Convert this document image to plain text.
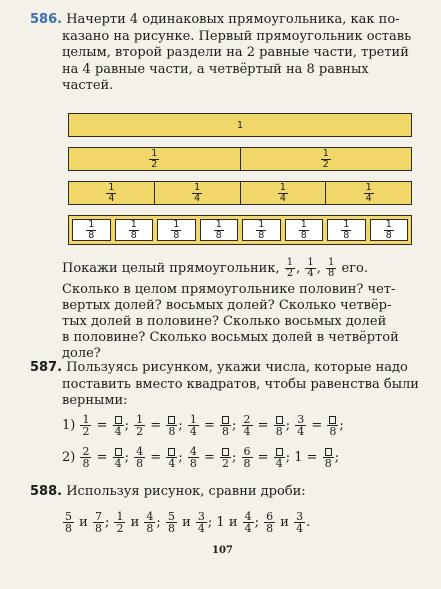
586. Начерти 4 одинаковых прямоугольника, как по-
казано на рисунке. Первый прямоугольник оставь
целым, второй раздели на 2 равные части, третий
на 4 равные части, а четвёртый на 8 равных
частей.
1
$\frac{1}{2}$	$\frac{1}{2}$
$\frac{1}{4}$	$\frac{1}{4}$	$\frac{1}{4}$	$\frac{1}{4}$
$\frac{1}{8}$	$\frac{1}{8}$	$\frac{1}{8}$	$\frac{1}{8}$	$\frac{1}{8}$	$\frac{1}{8}$	$\frac{1}{8}$	$\frac{1}{8}$
Покажи целый прямоугольник, $\frac{1}{2}$ , $\frac{1}{4}$ , $\frac{1}{8}$ его.
Сколько в целом прямоугольнике половин? чет-
вертых долей? восьмых долей? Сколько четвёр-
тых долей в половине? Сколько восьмых долей
в половине? Сколько восьмых долей в четвёртой
доле?
587. Пользуясь рисунком, укажи числа, которые надо
поставить вместо квадратов, чтобы равенства были
верными:
$1) \frac{1}{2} = 4$ ; $\frac{1}{2} = 8$ ; $\frac{1}{4} = 8$ ; $\frac{2}{4} = 8$ ; $\frac{3}{4} = 8$ ;
$2) \frac{2}{8} = 4$ ; $\frac{4}{8} = 4$ ; $\frac{4}{8} = 2$ ; $\frac{6}{8} = 4$ ; 1 = 8 ;
588. Используя рисунок, сравни дроби:
$\frac{5}{8}$ и $\frac{7}{8}$ ; $\frac{1}{2}$ и $\frac{4}{8}$ ; $\frac{5}{8}$ и $\frac{3}{4}$ ; 1 и $\frac{4}{4}$ ; $\frac{6}{8}$ и $\frac{3}{4}$ .
107
